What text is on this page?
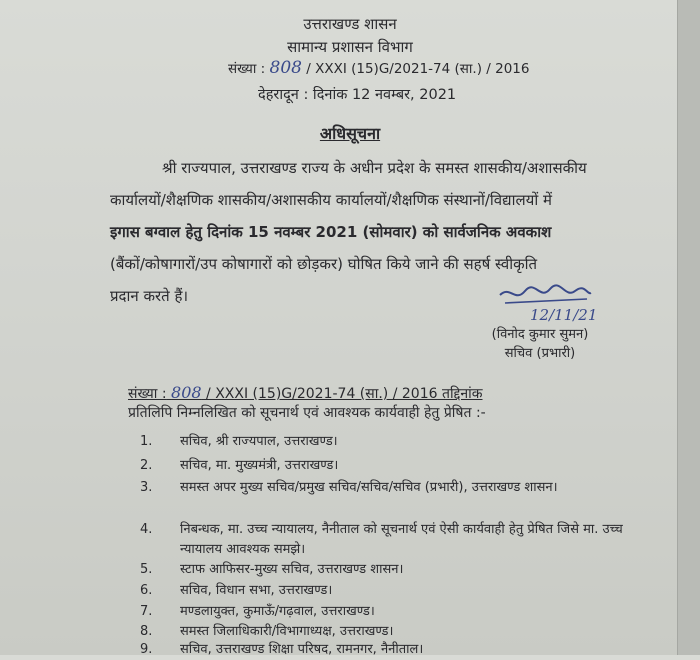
उत्तराखण्ड शासन
सामान्य प्रशासन विभाग
संख्या : 808 / XXXI (15)G/2021-74 (सा.) / 2016
देहरादून : दिनांक 12 नवम्बर, 2021
अधिसूचना
श्री राज्यपाल, उत्तराखण्ड राज्य के अधीन प्रदेश के समस्त शासकीय/अशासकीय
कार्यालयों/शैक्षणिक शासकीय/अशासकीय कार्यालयों/शैक्षणिक संस्थानों/विद्यालयों में
इगास बग्वाल हेतु दिनांक 15 नवम्बर 2021 (सोमवार) को सार्वजनिक अवकाश
(बैंकों/कोषागारों/उप कोषागारों को छोड़कर) घोषित किये जाने की सहर्ष स्वीकृति
प्रदान करते हैं।
12/11/21
(विनोद कुमार सुमन)
सचिव (प्रभारी)
संख्या : 808 / XXXI (15)G/2021-74 (सा.) / 2016 तद्दिनांक
प्रतिलिपि निम्नलिखित को सूचनार्थ एवं आवश्यक कार्यवाही हेतु प्रेषित :-
1.	सचिव, श्री राज्यपाल, उत्तराखण्ड।
2.	सचिव, मा. मुख्यमंत्री, उत्तराखण्ड।
3.	समस्त अपर मुख्य सचिव/प्रमुख सचिव/सचिव/सचिव (प्रभारी), उत्तराखण्ड शासन।
4.	निबन्धक, मा. उच्च न्यायालय, नैनीताल को सूचनार्थ एवं ऐसी कार्यवाही हेतु प्रेषित जिसे मा. उच्च न्यायालय आवश्यक समझे।
5.	स्टाफ आफिसर-मुख्य सचिव, उत्तराखण्ड शासन।
6.	सचिव, विधान सभा, उत्तराखण्ड।
7.	मण्डलायुक्त, कुमाऊँ/गढ़वाल, उत्तराखण्ड।
8.	समस्त जिलाधिकारी/विभागाध्यक्ष, उत्तराखण्ड।
9.	सचिव, उत्तराखण्ड शिक्षा परिषद, रामनगर, नैनीताल।
